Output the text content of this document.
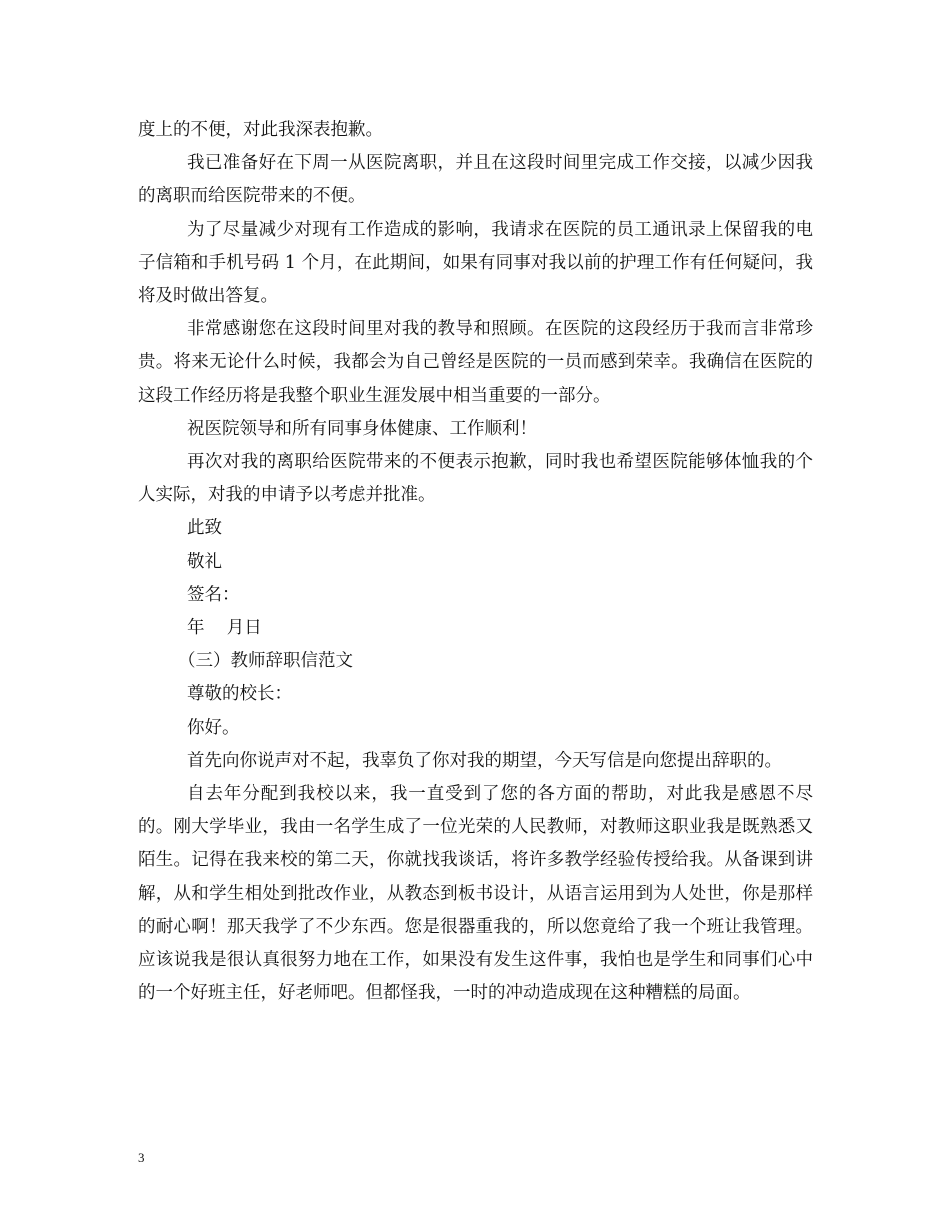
度上的不便，对此我深表抱歉。

我已准备好在下周一从医院离职，并且在这段时间里完成工作交接，以减少因我的离职而给医院带来的不便。

为了尽量减少对现有工作造成的影响，我请求在医院的员工通讯录上保留我的电子信箱和手机号码 1 个月，在此期间，如果有同事对我以前的护理工作有任何疑问，我将及时做出答复。

非常感谢您在这段时间里对我的教导和照顾。在医院的这段经历于我而言非常珍贵。将来无论什么时候，我都会为自己曾经是医院的一员而感到荣幸。我确信在医院的这段工作经历将是我整个职业生涯发展中相当重要的一部分。

祝医院领导和所有同事身体健康、工作顺利！

再次对我的离职给医院带来的不便表示抱歉，同时我也希望医院能够体恤我的个人实际，对我的申请予以考虑并批准。

此致

敬礼

签名：

年    月日

（三）教师辞职信范文

尊敬的校长：

你好。

首先向你说声对不起，我辜负了你对我的期望，今天写信是向您提出辞职的。

自去年分配到我校以来，我一直受到了您的各方面的帮助，对此我是感恩不尽的。刚大学毕业，我由一名学生成了一位光荣的人民教师，对教师这职业我是既熟悉又陌生。记得在我来校的第二天，你就找我谈话，将许多教学经验传授给我。从备课到讲解，从和学生相处到批改作业，从教态到板书设计，从语言运用到为人处世，你是那样的耐心啊！那天我学了不少东西。您是很器重我的，所以您竟给了我一个班让我管理。应该说我是很认真很努力地在工作，如果没有发生这件事，我怕也是学生和同事们心中的一个好班主任，好老师吧。但都怪我，一时的冲动造成现在这种糟糕的局面。

3
